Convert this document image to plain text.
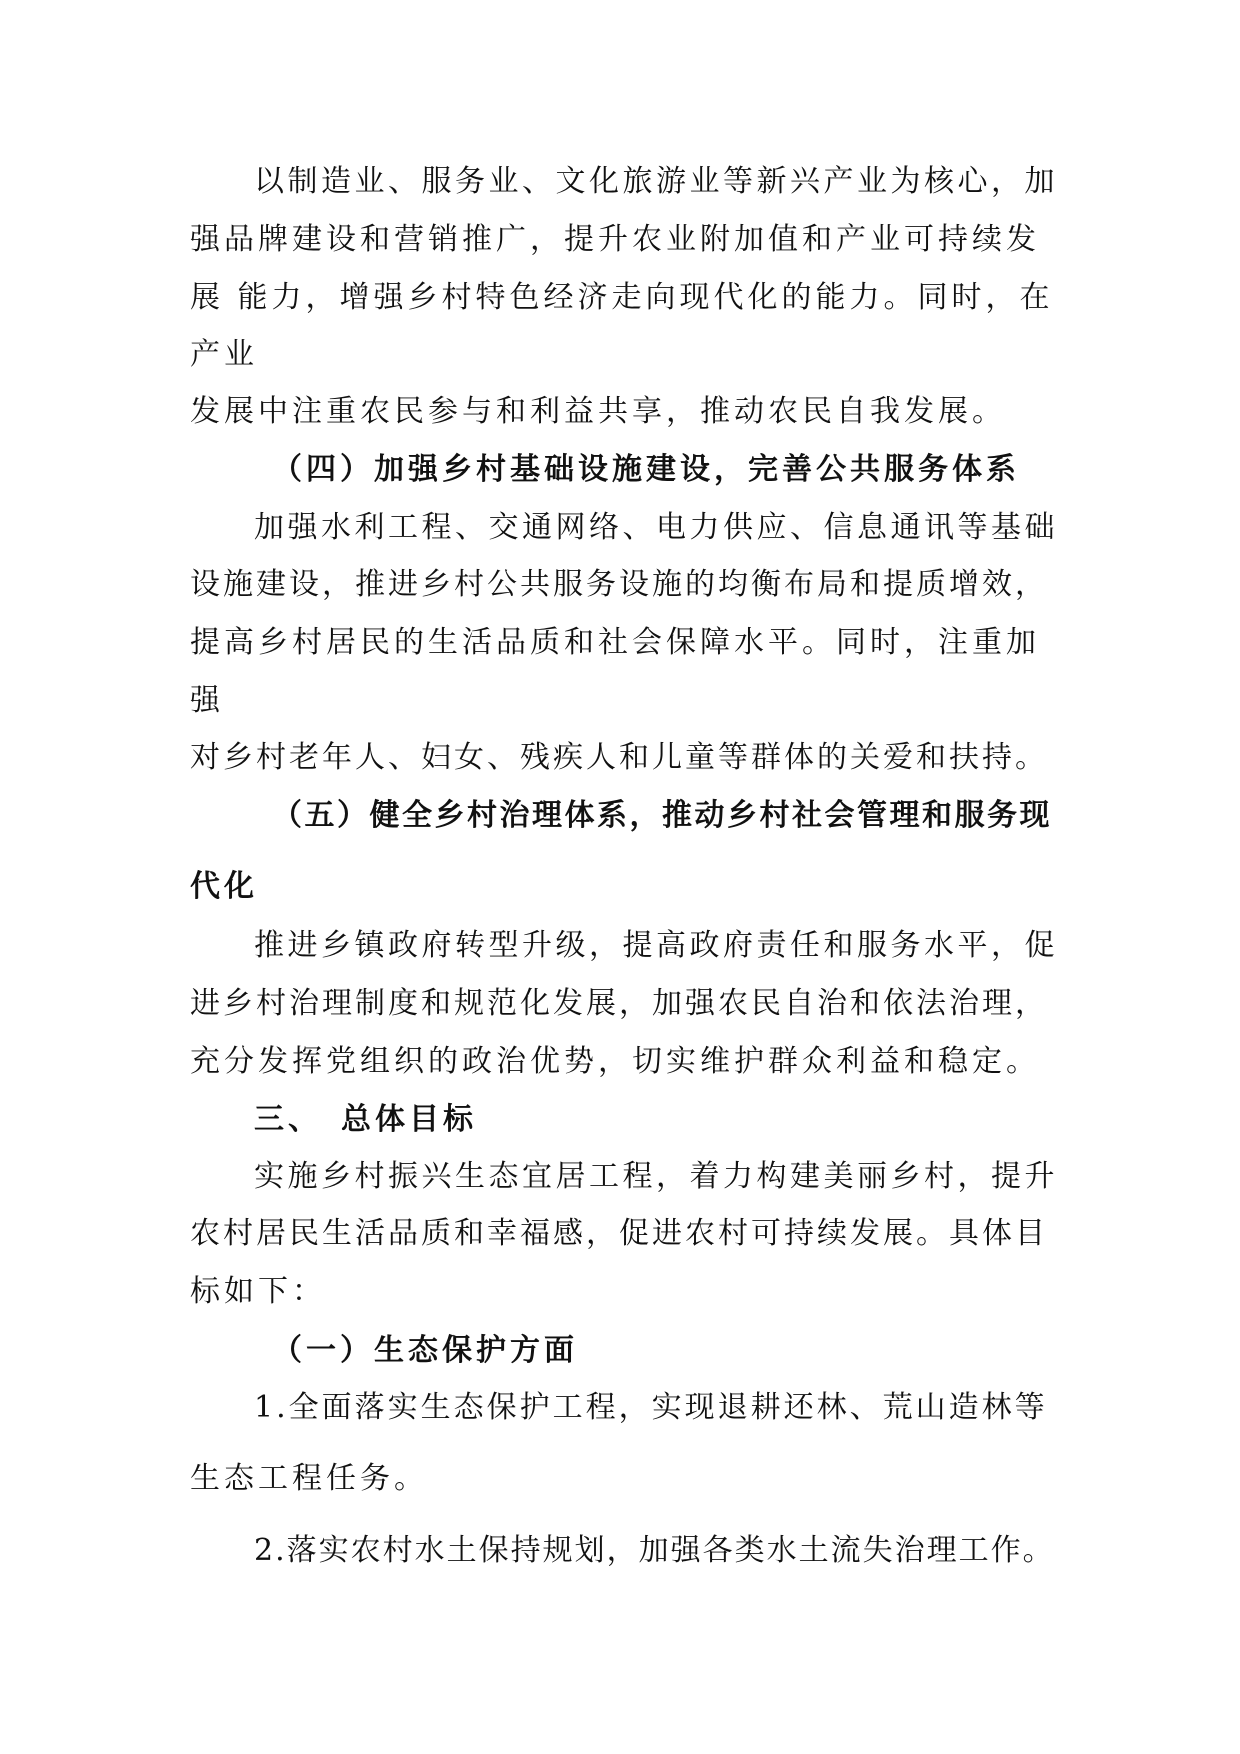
以制造业、服务业、文化旅游业等新兴产业为核心，加
强品牌建设和营销推广，提升农业附加值和产业可持续发
展 能力，增强乡村特色经济走向现代化的能力。同时，在
产业
发展中注重农民参与和利益共享，推动农民自我发展。
（四）加强乡村基础设施建设，完善公共服务体系
加强水利工程、交通网络、电力供应、信息通讯等基础
设施建设，推进乡村公共服务设施的均衡布局和提质增效，
提高乡村居民的生活品质和社会保障水平。同时，注重加
强
对乡村老年人、妇女、残疾人和儿童等群体的关爱和扶持。
（五）健全乡村治理体系，推动乡村社会管理和服务现
代化
推进乡镇政府转型升级，提高政府责任和服务水平，促
进乡村治理制度和规范化发展，加强农民自治和依法治理，
充分发挥党组织的政治优势，切实维护群众利益和稳定。
三、　总体目标
实施乡村振兴生态宜居工程，着力构建美丽乡村，提升
农村居民生活品质和幸福感，促进农村可持续发展。具体目
标如下：
（一）生态保护方面
1.全面落实生态保护工程，实现退耕还林、荒山造林等
生态工程任务。
2.落实农村水土保持规划，加强各类水土流失治理工作。
